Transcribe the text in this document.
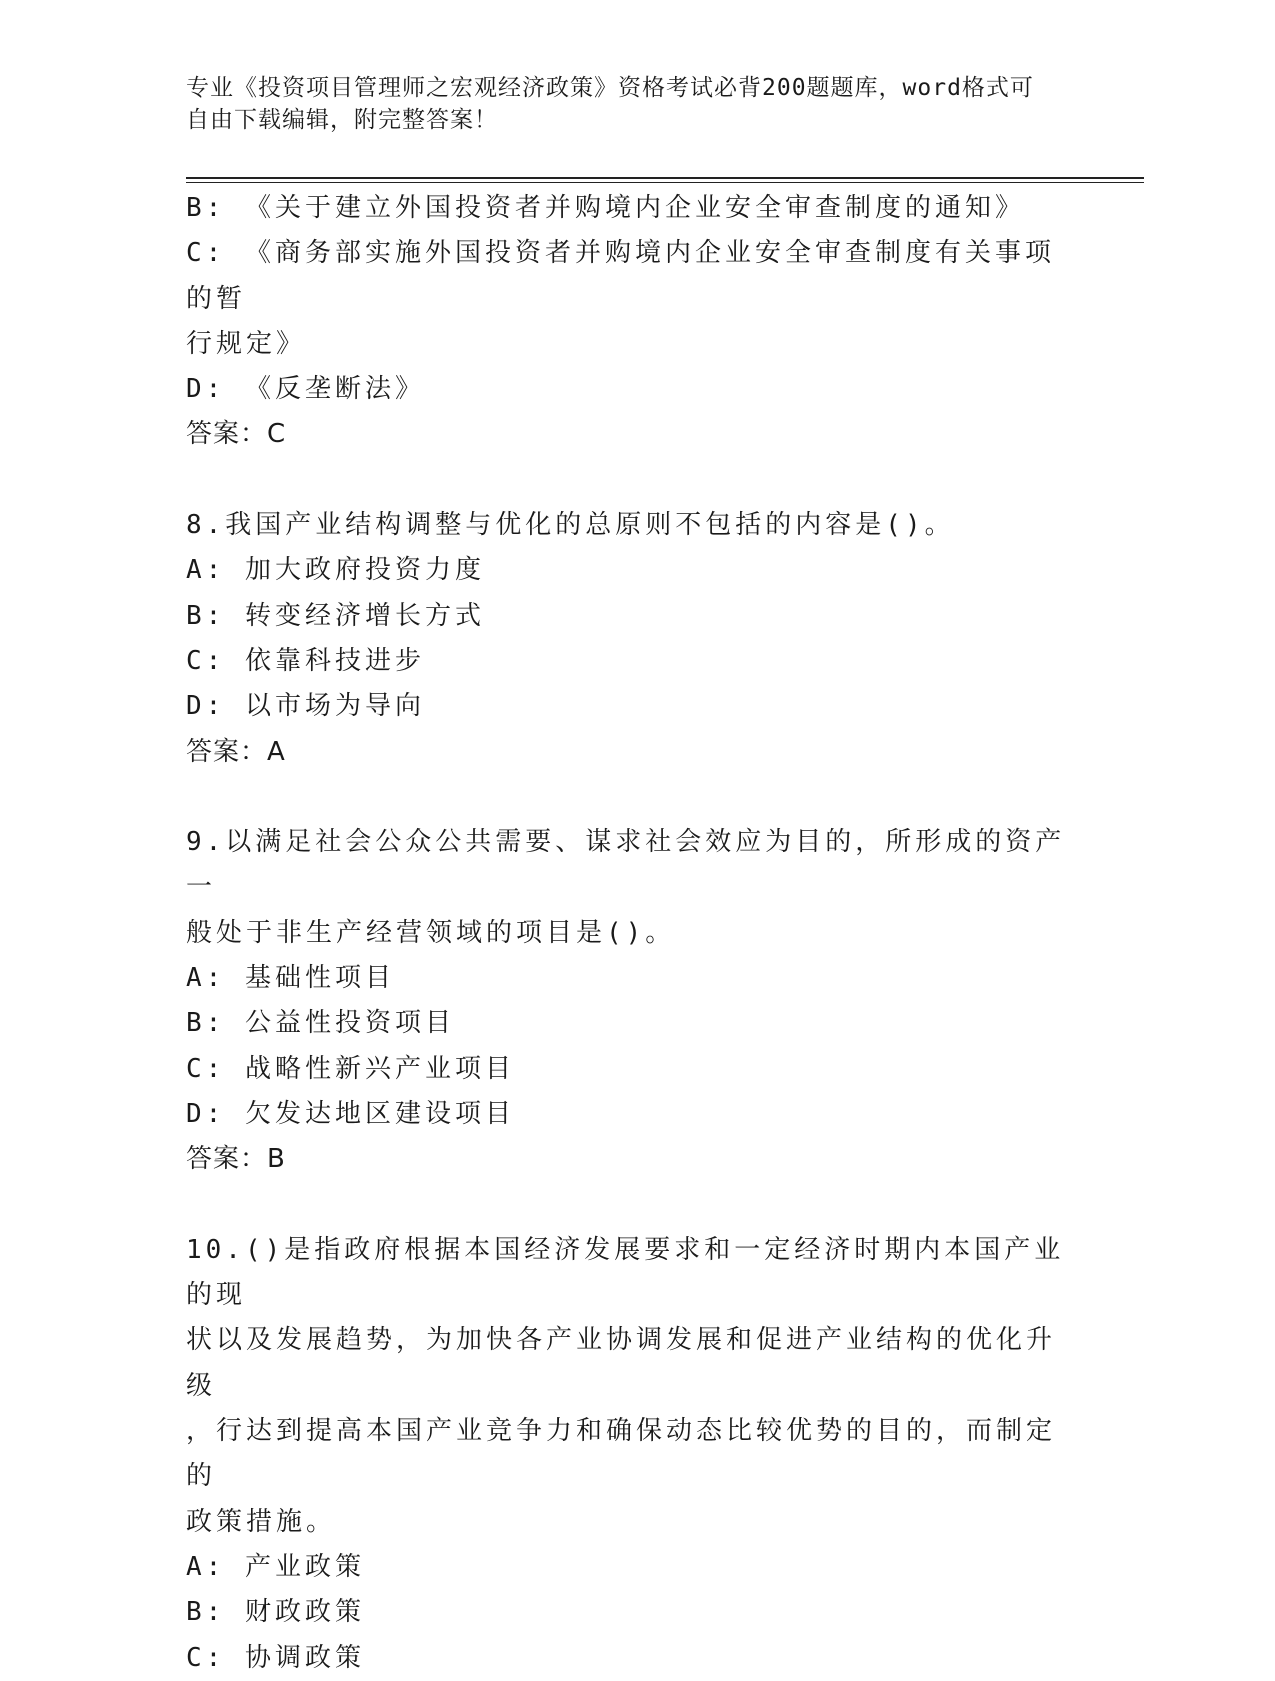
专业《投资项目管理师之宏观经济政策》资格考试必背200题题库，word格式可
自由下载编辑，附完整答案！
B: 《关于建立外国投资者并购境内企业安全审查制度的通知》
C: 《商务部实施外国投资者并购境内企业安全审查制度有关事项的暂
行规定》
D: 《反垄断法》
答案：C
8.我国产业结构调整与优化的总原则不包括的内容是()。
A: 加大政府投资力度
B: 转变经济增长方式
C: 依靠科技进步
D: 以市场为导向
答案：A
9.以满足社会公众公共需要、谋求社会效应为目的，所形成的资产一
般处于非生产经营领域的项目是()。
A: 基础性项目
B: 公益性投资项目
C: 战略性新兴产业项目
D: 欠发达地区建设项目
答案：B
10.()是指政府根据本国经济发展要求和一定经济时期内本国产业的现
状以及发展趋势，为加快各产业协调发展和促进产业结构的优化升级
，行达到提高本国产业竞争力和确保动态比较优势的目的，而制定的
政策措施。
A: 产业政策
B: 财政政策
C: 协调政策
